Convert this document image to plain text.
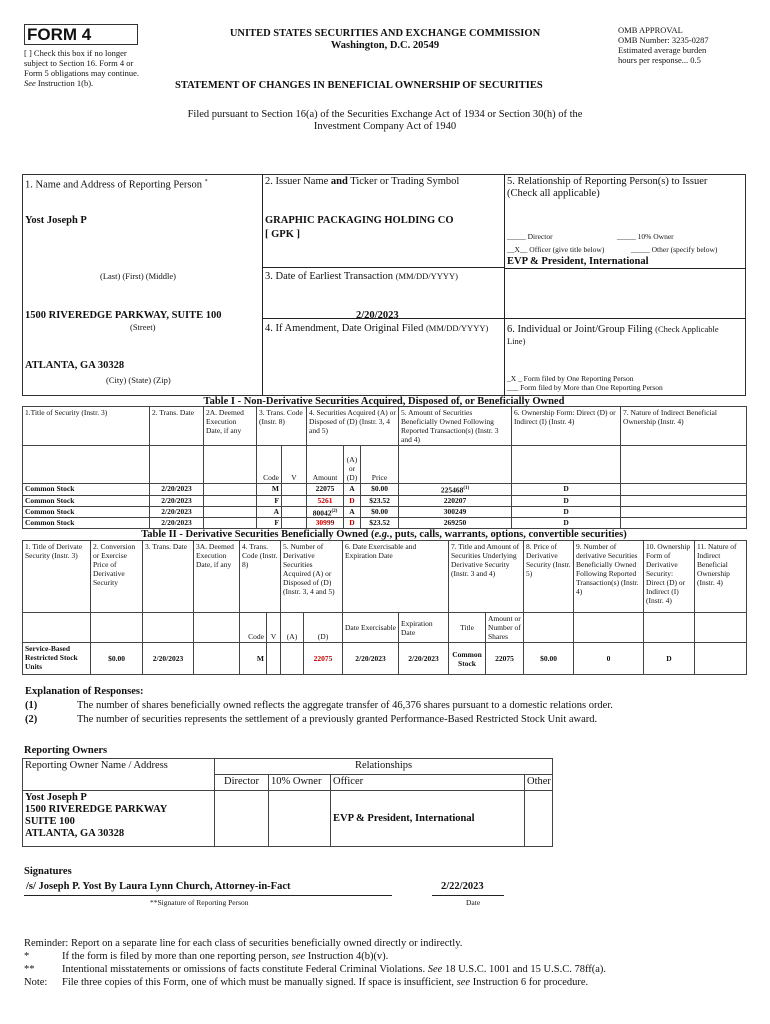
FORM 4
[ ] Check this box if no longer subject to Section 16. Form 4 or Form 5 obligations may continue. See Instruction 1(b).
UNITED STATES SECURITIES AND EXCHANGE COMMISSION
Washington, D.C. 20549
STATEMENT OF CHANGES IN BENEFICIAL OWNERSHIP OF SECURITIES
OMB APPROVAL
OMB Number: 3235-0287
Estimated average burden
hours per response... 0.5
Filed pursuant to Section 16(a) of the Securities Exchange Act of 1934 or Section 30(h) of the
Investment Company Act of 1940
1. Name and Address of Reporting Person *
Yost Joseph P
(Last) (First) (Middle)
1500 RIVEREDGE PARKWAY, SUITE 100
(Street)
ATLANTA, GA 30328
(City) (State) (Zip)
2. Issuer Name and Ticker or Trading Symbol
GRAPHIC PACKAGING HOLDING CO
[ GPK ]
3. Date of Earliest Transaction (MM/DD/YYYY)
2/20/2023
4. If Amendment, Date Original Filed (MM/DD/YYYY)
5. Relationship of Reporting Person(s) to Issuer
(Check all applicable)
_____ Director	_____ 10% Owner
__X__ Officer (give title below)	_____ Other (specify below)
EVP & President, International
6. Individual or Joint/Group Filing (Check Applicable
Line)
_X _ Form filed by One Reporting Person
___ Form filed by More than One Reporting Person
Table I - Non-Derivative Securities Acquired, Disposed of, or Beneficially Owned
1.Title of Security (Instr. 3)	2. Trans. Date	2A. Deemed Execution Date, if any	3. Trans. Code (Instr. 8)		4. Securities Acquired (A) or Disposed of (D) (Instr. 3, 4 and 5)			5. Amount of Securities Beneficially Owned Following Reported Transaction(s) (Instr. 3 and 4)	6. Ownership Form: Direct (D) or Indirect (I) (Instr. 4)	7. Nature of Indirect Beneficial Ownership (Instr. 4)
			Code	V	Amount	(A) or (D)	Price			
Common Stock	2/20/2023		M		22075	A	$0.00	225468$^{(1)}$	D	
Common Stock	2/20/2023		F		5261	D	$23.52	220207	D	
Common Stock	2/20/2023		A		80042$^{(2)}$	A	$0.00	300249	D	
Common Stock	2/20/2023		F		30999	D	$23.52	269250	D	
Table II - Derivative Securities Beneficially Owned (e.g., puts, calls, warrants, options, convertible securities)
1. Title of Derivate Security (Instr. 3)	2. Conversion or Exercise Price of Derivative Security	3. Trans. Date	3A. Deemed Execution Date, if any	4. Trans. Code (Instr. 8)		5. Number of Derivative Securities Acquired (A) or Disposed of (D) (Instr. 3, 4 and 5)		6. Date Exercisable and Expiration Date		7. Title and Amount of Securities Underlying Derivative Security (Instr. 3 and 4)		8. Price of Derivative Security (Instr. 5)	9. Number of derivative Securities Beneficially Owned Following Reported Transaction(s) (Instr. 4)	10. Ownership Form of Derivative Security: Direct (D) or Indirect (I) (Instr. 4)	11. Nature of Indirect Beneficial Ownership (Instr. 4)
				Code	V	(A)	(D)	Date Exercisable	Expiration Date	Title	Amount or Number of Shares				
Service-Based Restricted Stock Units	$0.00	2/20/2023		M			22075	2/20/2023	2/20/2023	Common Stock	22075	$0.00	0	D	
Explanation of Responses:
(1)	The number of shares beneficially owned reflects the aggregate transfer of 46,376 shares pursuant to a domestic relations order.
(2)	The number of securities represents the settlement of a previously granted Performance-Based Restricted Stock Unit award.
Reporting Owners
Reporting Owner Name / Address	Relationships			
	Director	10% Owner	Officer	Other

Yost Joseph P
1500 RIVEREDGE PARKWAY
SUITE 100
ATLANTA, GA 30328			EVP & President, International	
Signatures
/s/ Joseph P. Yost By Laura Lynn Church, Attorney-in-Fact	2/22/2023
**Signature of Reporting Person	Date
Reminder: Report on a separate line for each class of securities beneficially owned directly or indirectly.
*	If the form is filed by more than one reporting person, see Instruction 4(b)(v).
**	Intentional misstatements or omissions of facts constitute Federal Criminal Violations. See 18 U.S.C. 1001 and 15 U.S.C. 78ff(a).
Note: File three copies of this Form, one of which must be manually signed. If space is insufficient, see Instruction 6 for procedure.
